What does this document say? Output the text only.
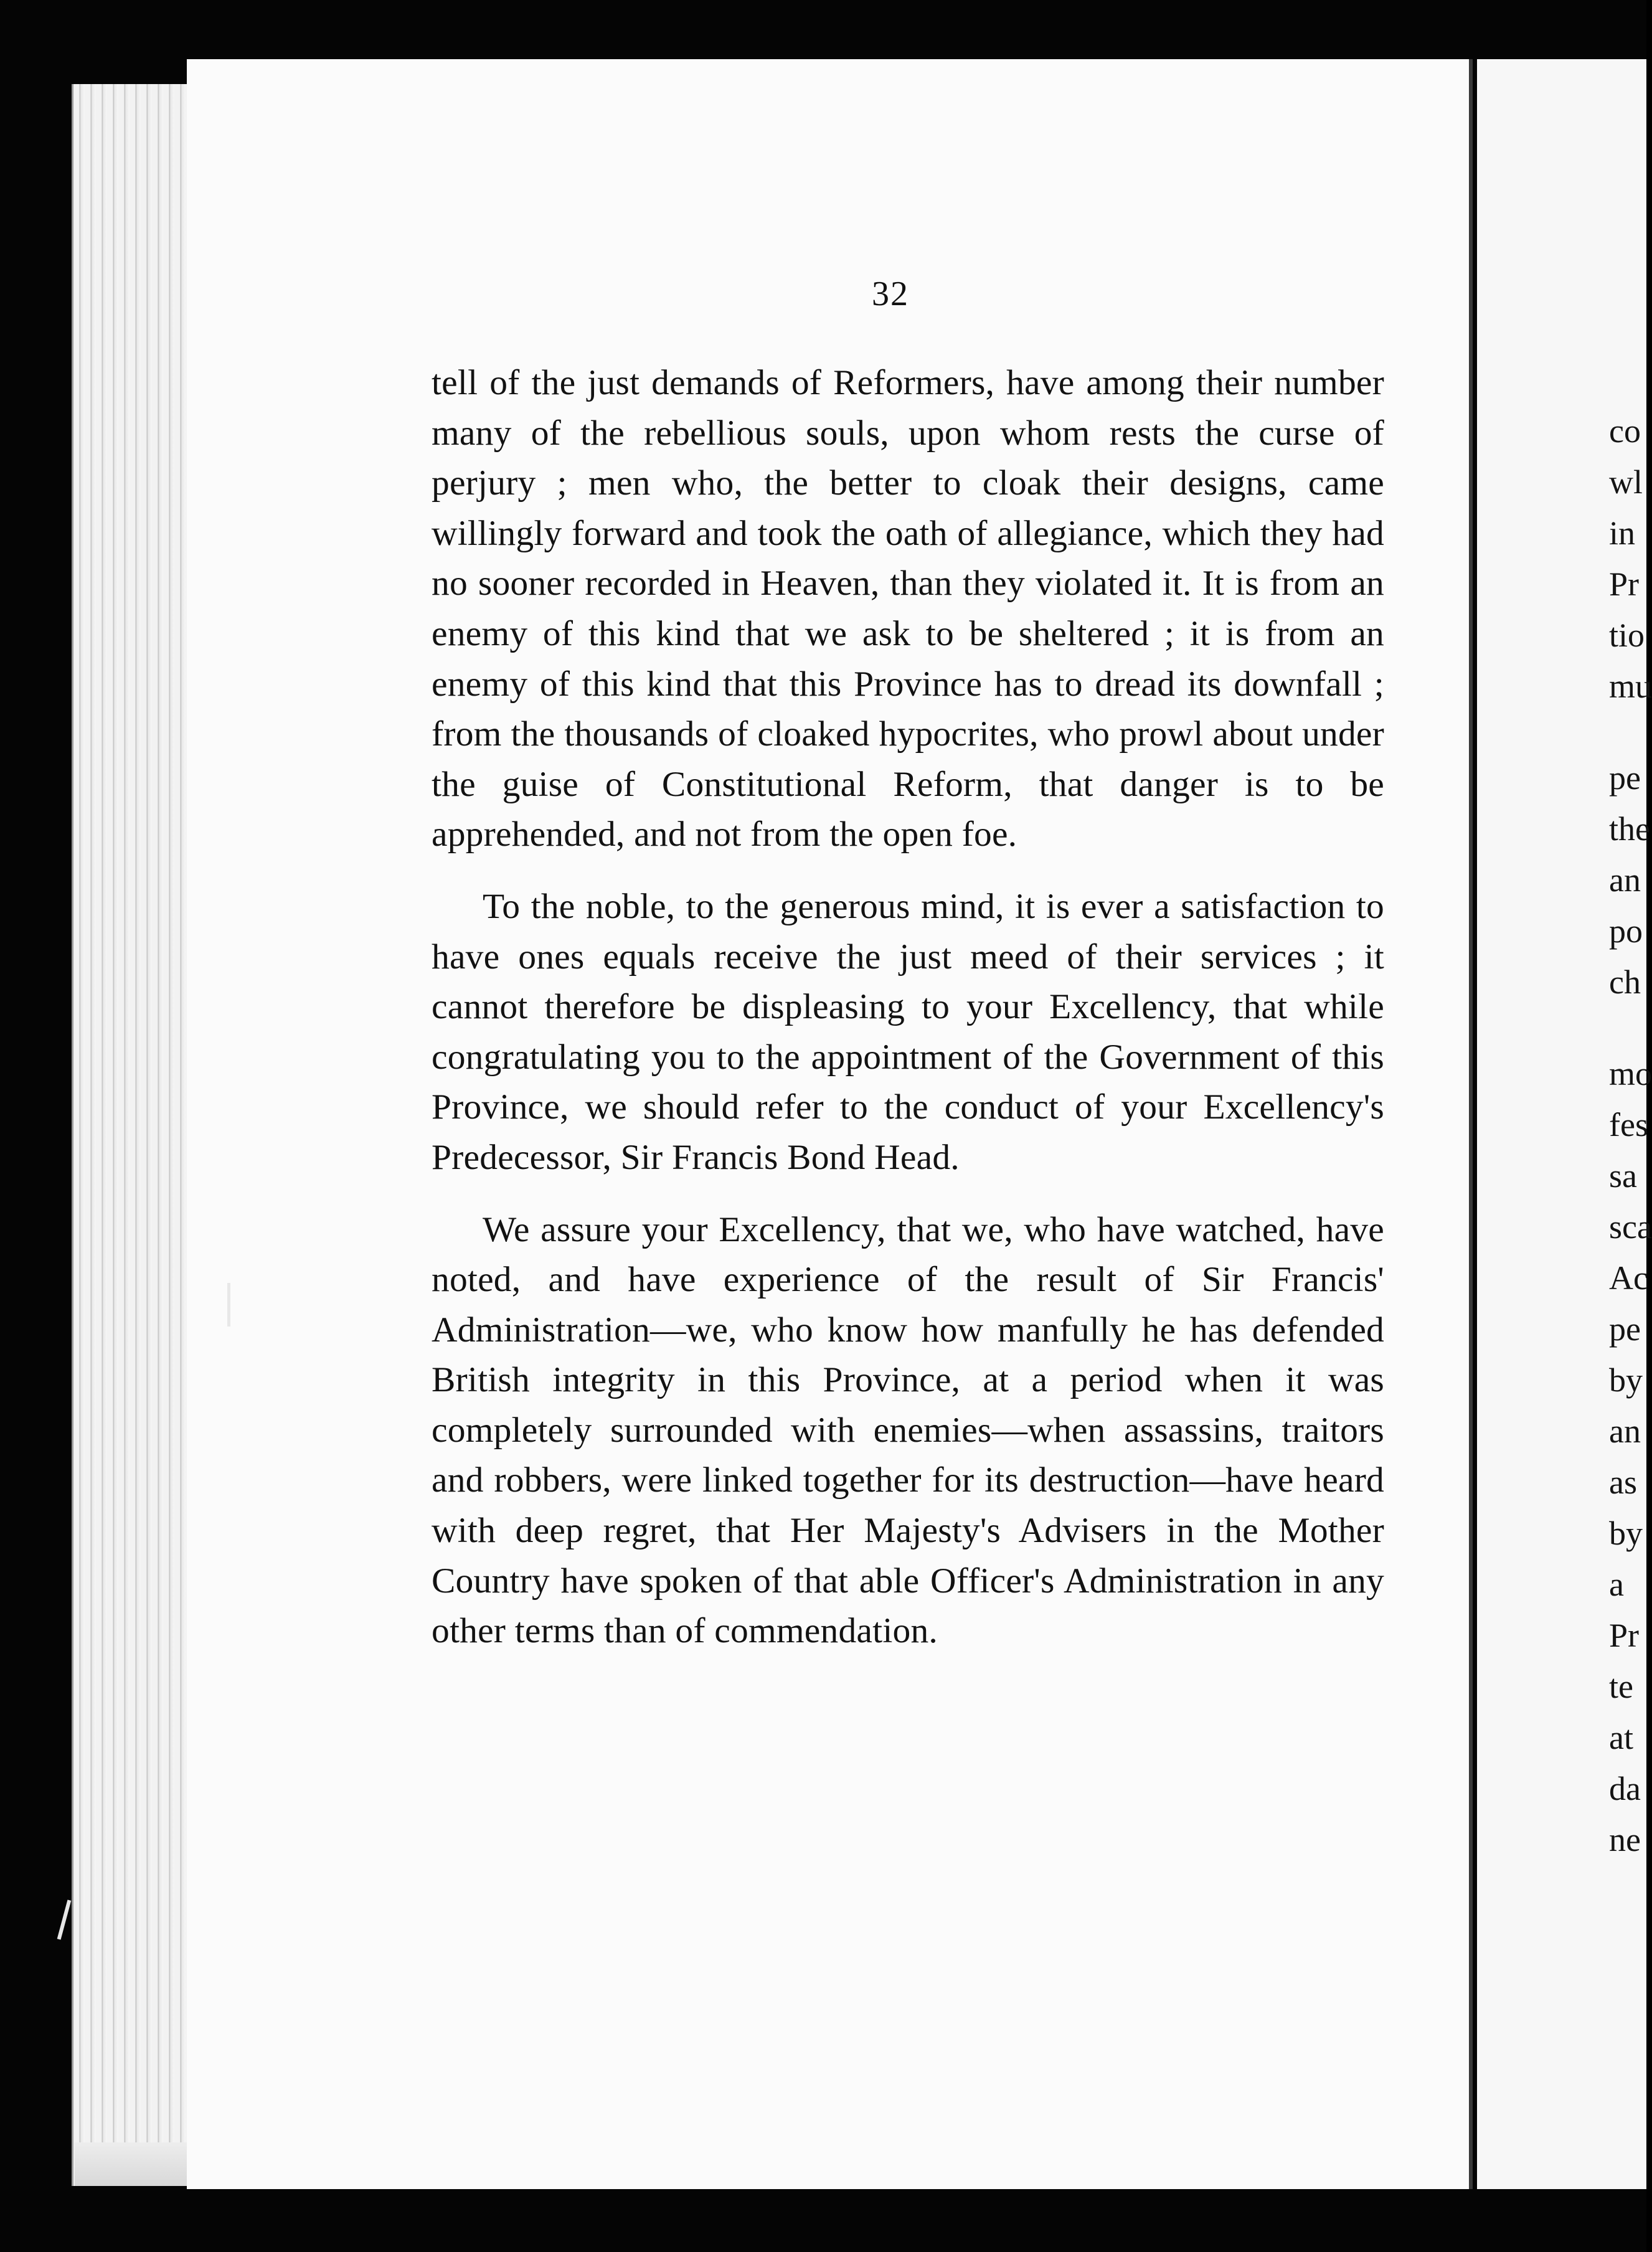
co
wl
in
Pr
tio
mu
pe
the
an
po
ch
mo
fes
sa
sca
Ac
pe
by
an
as
by
a
Pr
te
at
da
ne
32

tell of the just demands of Reformers, have among their number many of the rebellious souls, upon whom rests the curse of perjury ; men who, the better to cloak their designs, came willingly forward and took the oath of allegiance, which they had no sooner recorded in Heaven, than they violated it. It is from an enemy of this kind that we ask to be sheltered ; it is from an enemy of this kind that this Province has to dread its downfall ; from the thousands of cloaked hypocrites, who prowl about under the guise of Constitutional Reform, that danger is to be apprehended, and not from the open foe.

To the noble, to the generous mind, it is ever a satisfaction to have ones equals receive the just meed of their services ; it cannot therefore be displeasing to your Excellency, that while congratulating you to the appointment of the Government of this Province, we should refer to the conduct of your Excellency's Predecessor, Sir Francis Bond Head.

We assure your Excellency, that we, who have watched, have noted, and have experience of the result of Sir Francis' Administration—we, who know how manfully he has defended British integrity in this Province, at a period when it was completely surrounded with enemies—when assassins, traitors and robbers, were linked together for its destruction—have heard with deep regret, that Her Majesty's Advisers in the Mother Country have spoken of that able Officer's Administration in any other terms than of commendation.
